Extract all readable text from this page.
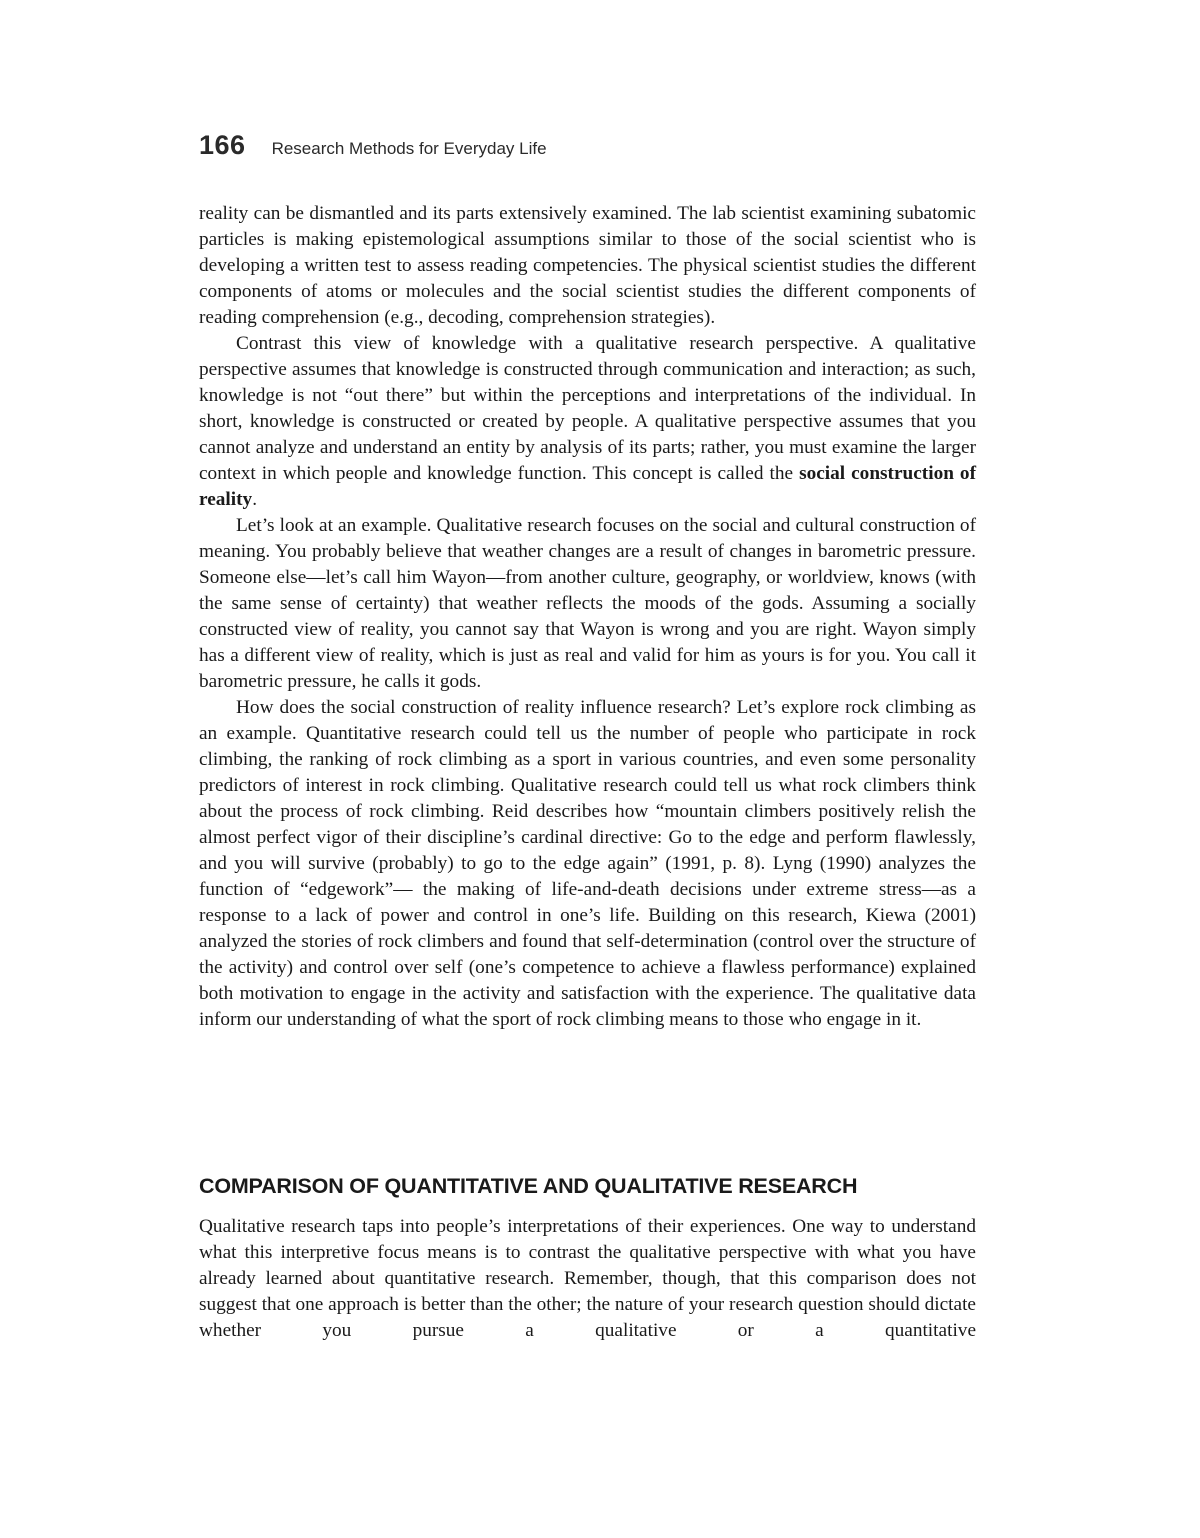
166 Research Methods for Everyday Life

reality can be dismantled and its parts extensively examined. The lab scientist examining subatomic particles is making epistemological assumptions similar to those of the social scientist who is developing a written test to assess reading competencies. The physical scientist studies the different components of atoms or molecules and the social scientist studies the different components of reading comprehension (e.g., decoding, comprehension strategies).

Contrast this view of knowledge with a qualitative research perspective. A qualitative perspective assumes that knowledge is constructed through communication and interaction; as such, knowledge is not “out there” but within the perceptions and interpretations of the individual. In short, knowledge is constructed or created by people. A qualitative perspective assumes that you cannot analyze and understand an entity by analysis of its parts; rather, you must examine the larger context in which people and knowledge function. This concept is called the social construction of reality.

Let’s look at an example. Qualitative research focuses on the social and cultural construction of meaning. You probably believe that weather changes are a result of changes in barometric pressure. Someone else—let’s call him Wayon—from another culture, geography, or worldview, knows (with the same sense of certainty) that weather reflects the moods of the gods. Assuming a socially constructed view of reality, you cannot say that Wayon is wrong and you are right. Wayon simply has a different view of reality, which is just as real and valid for him as yours is for you. You call it barometric pressure, he calls it gods.

How does the social construction of reality influence research? Let’s explore rock climbing as an example. Quantitative research could tell us the number of people who participate in rock climbing, the ranking of rock climbing as a sport in various countries, and even some personality predictors of interest in rock climbing. Qualitative research could tell us what rock climbers think about the process of rock climbing. Reid describes how “mountain climbers positively relish the almost perfect vigor of their discipline’s cardinal directive: Go to the edge and perform flawlessly, and you will survive (probably) to go to the edge again” (1991, p. 8). Lyng (1990) analyzes the function of “edgework”— the making of life-and-death decisions under extreme stress—as a response to a lack of power and control in one’s life. Building on this research, Kiewa (2001) analyzed the stories of rock climbers and found that self-determination (control over the structure of the activity) and control over self (one’s competence to achieve a flawless performance) explained both motivation to engage in the activity and satisfaction with the experience. The qualitative data inform our understanding of what the sport of rock climbing means to those who engage in it.

COMPARISON OF QUANTITATIVE AND QUALITATIVE RESEARCH

Qualitative research taps into people’s interpretations of their experiences. One way to understand what this interpretive focus means is to contrast the qualitative perspective with what you have already learned about quantitative research. Remember, though, that this comparison does not suggest that one approach is better than the other; the nature of your research question should dictate whether you pursue a qualitative or a quantitative
